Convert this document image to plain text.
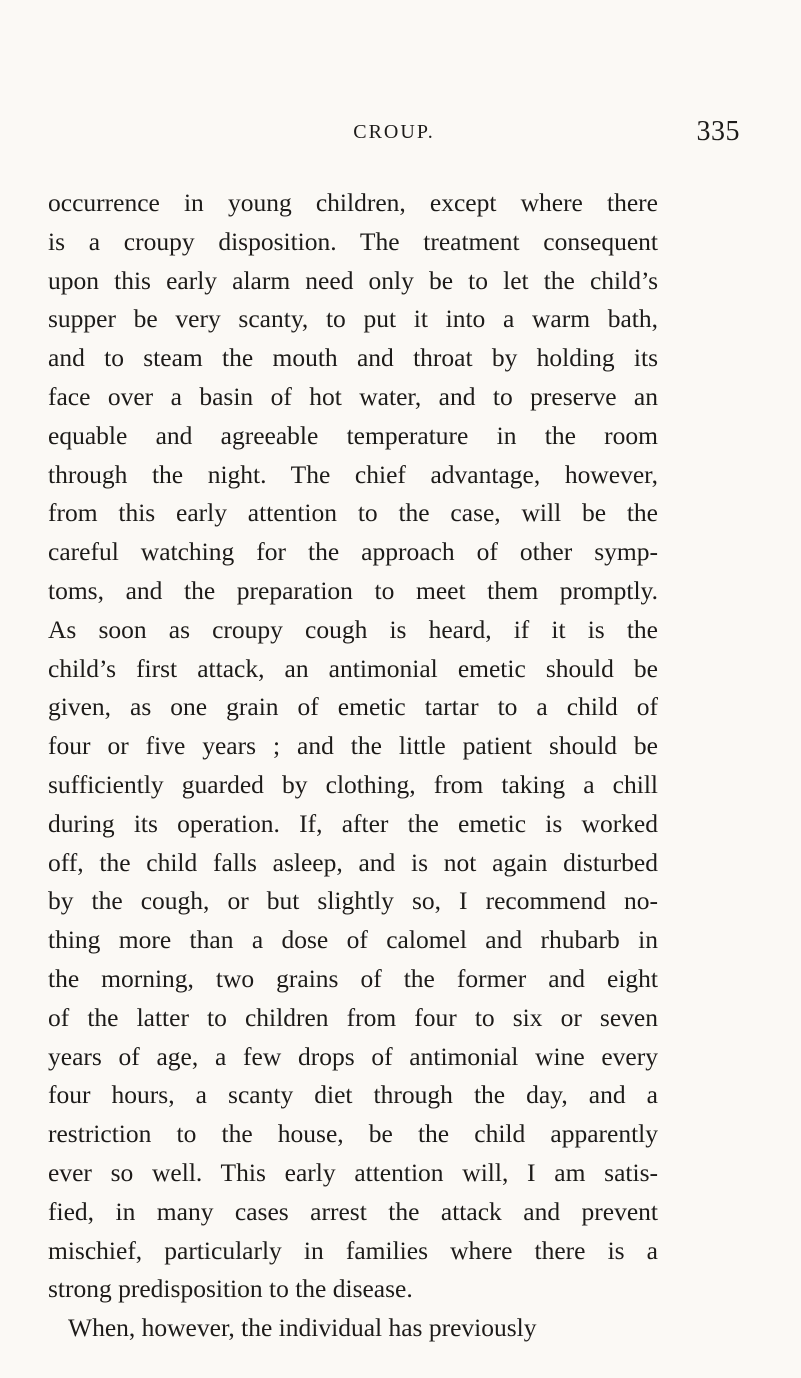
CROUP.	335
occurrence in young children, except where there
is a croupy disposition. The treatment consequent
upon this early alarm need only be to let the child’s
supper be very scanty, to put it into a warm bath,
and to steam the mouth and throat by holding its
face over a basin of hot water, and to preserve an
equable and agreeable temperature in the room
through the night. The chief advantage, however,
from this early attention to the case, will be the
careful watching for the approach of other symp-
toms, and the preparation to meet them promptly.
As soon as croupy cough is heard, if it is the
child’s first attack, an antimonial emetic should be
given, as one grain of emetic tartar to a child of
four or five years ; and the little patient should be
sufficiently guarded by clothing, from taking a chill
during its operation. If, after the emetic is worked
off, the child falls asleep, and is not again disturbed
by the cough, or but slightly so, I recommend no-
thing more than a dose of calomel and rhubarb in
the morning, two grains of the former and eight
of the latter to children from four to six or seven
years of age, a few drops of antimonial wine every
four hours, a scanty diet through the day, and a
restriction to the house, be the child apparently
ever so well. This early attention will, I am satis-
fied, in many cases arrest the attack and prevent
mischief, particularly in families where there is a
strong predisposition to the disease.
When, however, the individual has previously
